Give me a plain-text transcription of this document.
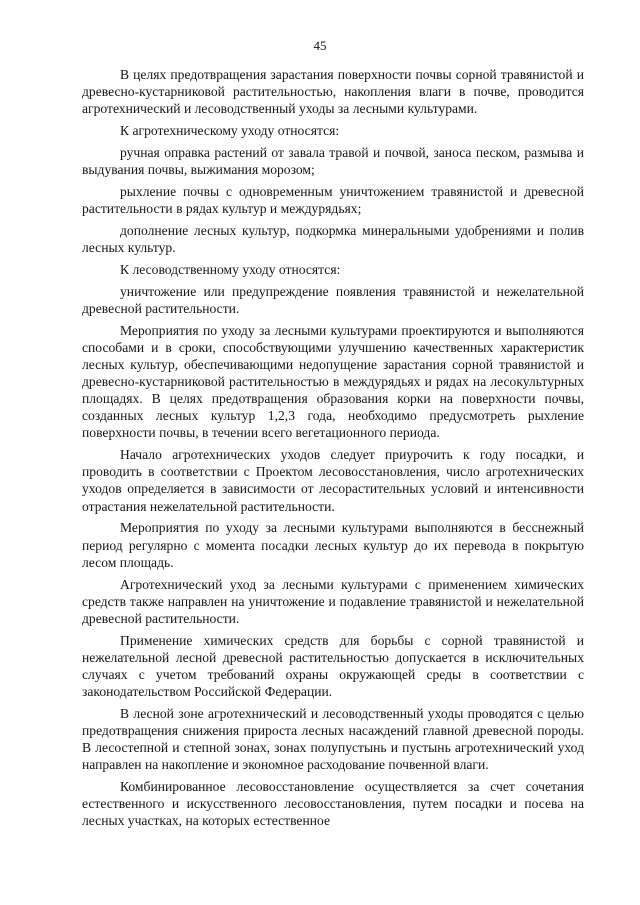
45

В целях предотвращения зарастания поверхности почвы сорной травянистой и древесно-кустарниковой растительностью, накопления влаги в почве, проводится агротехнический и лесоводственный уходы за лесными культурами.

К агротехническому уходу относятся:

ручная оправка растений от завала травой и почвой, заноса песком, размыва и выдувания почвы, выжимания морозом;

рыхление почвы с одновременным уничтожением травянистой и древесной растительности в рядах культур и междурядьях;

дополнение лесных культур, подкормка минеральными удобрениями и полив лесных культур.

К лесоводственному уходу относятся:

уничтожение или предупреждение появления травянистой и нежелательной древесной растительности.

Мероприятия по уходу за лесными культурами проектируются и выполняются способами и в сроки, способствующими улучшению качественных характеристик лесных культур, обеспечивающими недопущение зарастания сорной травянистой и древесно-кустарниковой растительностью в междурядьях и рядах на лесокультурных площадях. В целях предотвращения образования корки на поверхности почвы, созданных лесных культур 1,2,3 года, необходимо предусмотреть рыхление поверхности почвы, в течении всего вегетационного периода.

Начало агротехнических уходов следует приурочить к году посадки, и проводить в соответствии с Проектом лесовосстановления, число агротехнических уходов определяется в зависимости от лесорастительных условий и интенсивности отрастания нежелательной растительности.

Мероприятия по уходу за лесными культурами выполняются в бесснежный период регулярно с момента посадки лесных культур до их перевода в покрытую лесом площадь.

Агротехнический уход за лесными культурами с применением химических средств также направлен на уничтожение и подавление травянистой и нежелательной древесной растительности.

Применение химических средств для борьбы с сорной травянистой и нежелательной лесной древесной растительностью допускается в исключительных случаях с учетом требований охраны окружающей среды в соответствии с законодательством Российской Федерации.

В лесной зоне агротехнический и лесоводственный уходы проводятся с целью предотвращения снижения прироста лесных насаждений главной древесной породы. В лесостепной и степной зонах, зонах полупустынь и пустынь агротехнический уход направлен на накопление и экономное расходование почвенной влаги.

Комбинированное лесовосстановление осуществляется за счет сочетания естественного и искусственного лесовосстановления, путем посадки и посева на лесных участках, на которых естественное
